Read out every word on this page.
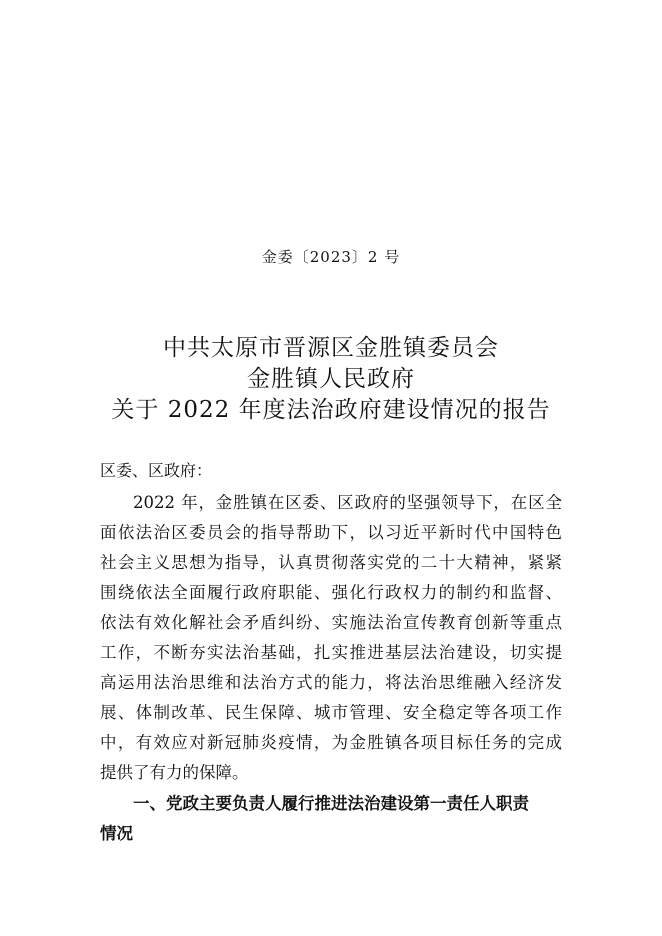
金委〔2023〕2 号
中共太原市晋源区金胜镇委员会
金胜镇人民政府
关于 2022 年度法治政府建设情况的报告
区委、区政府：
2022 年，金胜镇在区委、区政府的坚强领导下，在区全
面依法治区委员会的指导帮助下，以习近平新时代中国特色
社会主义思想为指导，认真贯彻落实党的二十大精神，紧紧
围绕依法全面履行政府职能、强化行政权力的制约和监督、
依法有效化解社会矛盾纠纷、实施法治宣传教育创新等重点
工作，不断夯实法治基础，扎实推进基层法治建设，切实提
高运用法治思维和法治方式的能力，将法治思维融入经济发
展、体制改革、民生保障、城市管理、安全稳定等各项工作
中，有效应对新冠肺炎疫情，为金胜镇各项目标任务的完成
提供了有力的保障。
一、党政主要负责人履行推进法治建设第一责任人职责
情况
